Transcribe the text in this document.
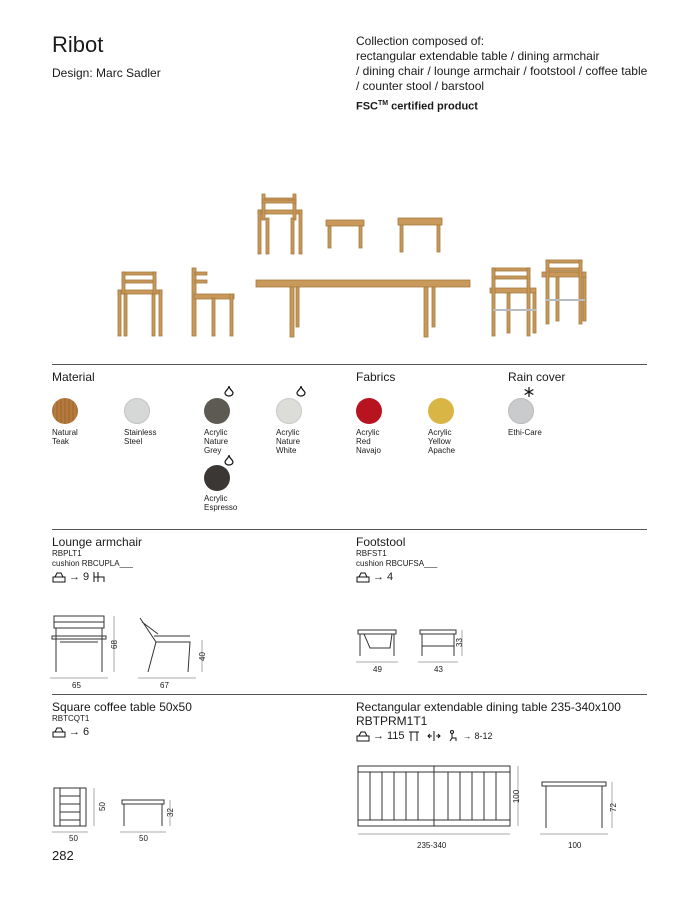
Ribot
Design: Marc Sadler
Collection composed of:
rectangular extendable table / dining armchair
/ dining chair / lounge armchair / footstool / coffee table
/ counter stool / barstool
FSC™ certified product
Material	Fabrics	Rain cover
Natural
Teak
Stainless
Steel
Acrylic
Nature
Grey
Acrylic
Nature
White
Acrylic
Espresso
Acrylic
Red
Navajo
Acrylic
Yellow
Apache
Ethi-Care
Lounge armchair
RBPLT1
cushion RBCUPLA___
→ 9
65
68
67
40
Footstool
RBFST1
cushion RBCUFSA___
→ 4
49	43
33
Square coffee table 50x50
RBTCQT1
→ 6
50
50
50
32
Rectangular extendable dining table 235-340x100
RBTPRM1T1
→ 115	→ 8-12
235-340
100
100
72
282
